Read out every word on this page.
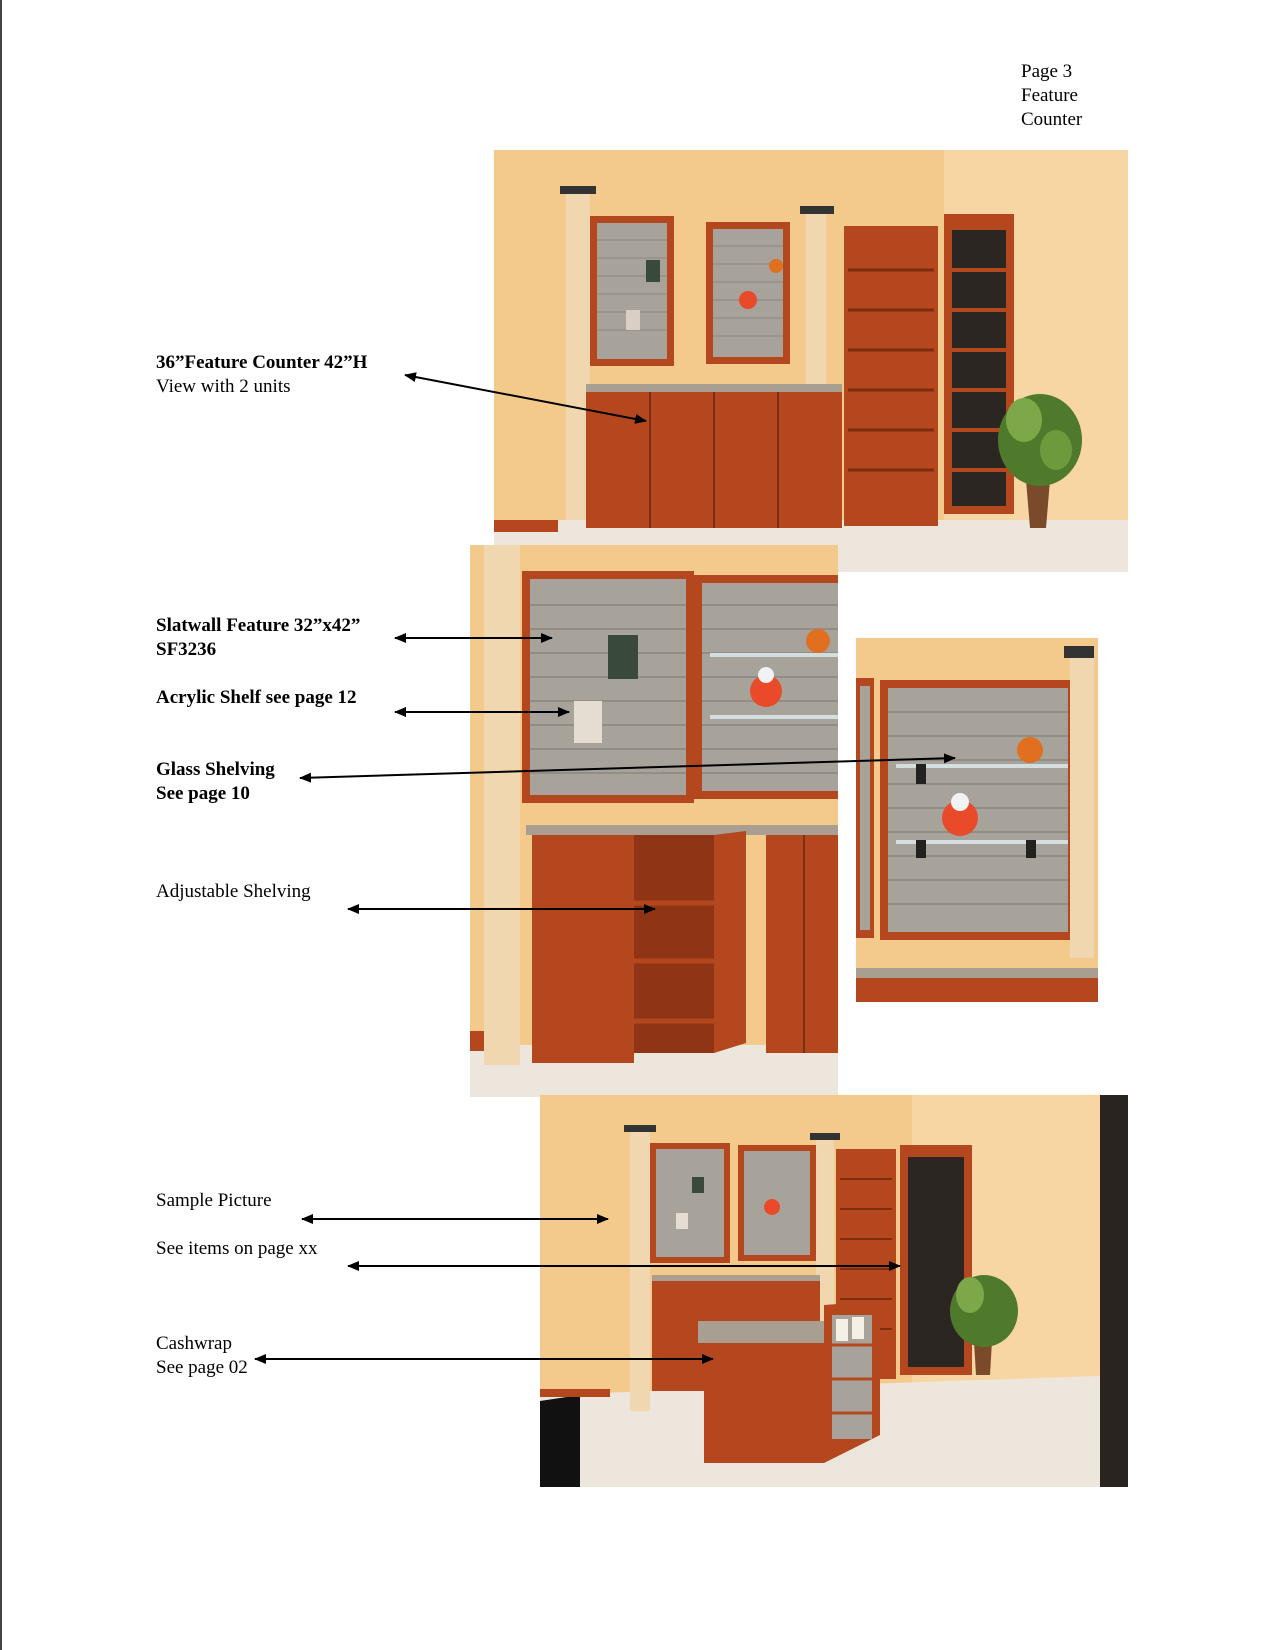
Page 3
Feature
Counter
36”Feature Counter 42”H
View with 2 units
Slatwall Feature 32”x42”
SF3236
Acrylic Shelf see page 12
Glass Shelving
See page 10
Adjustable Shelving
Sample Picture
See items on page xx
Cashwrap
See page 02
